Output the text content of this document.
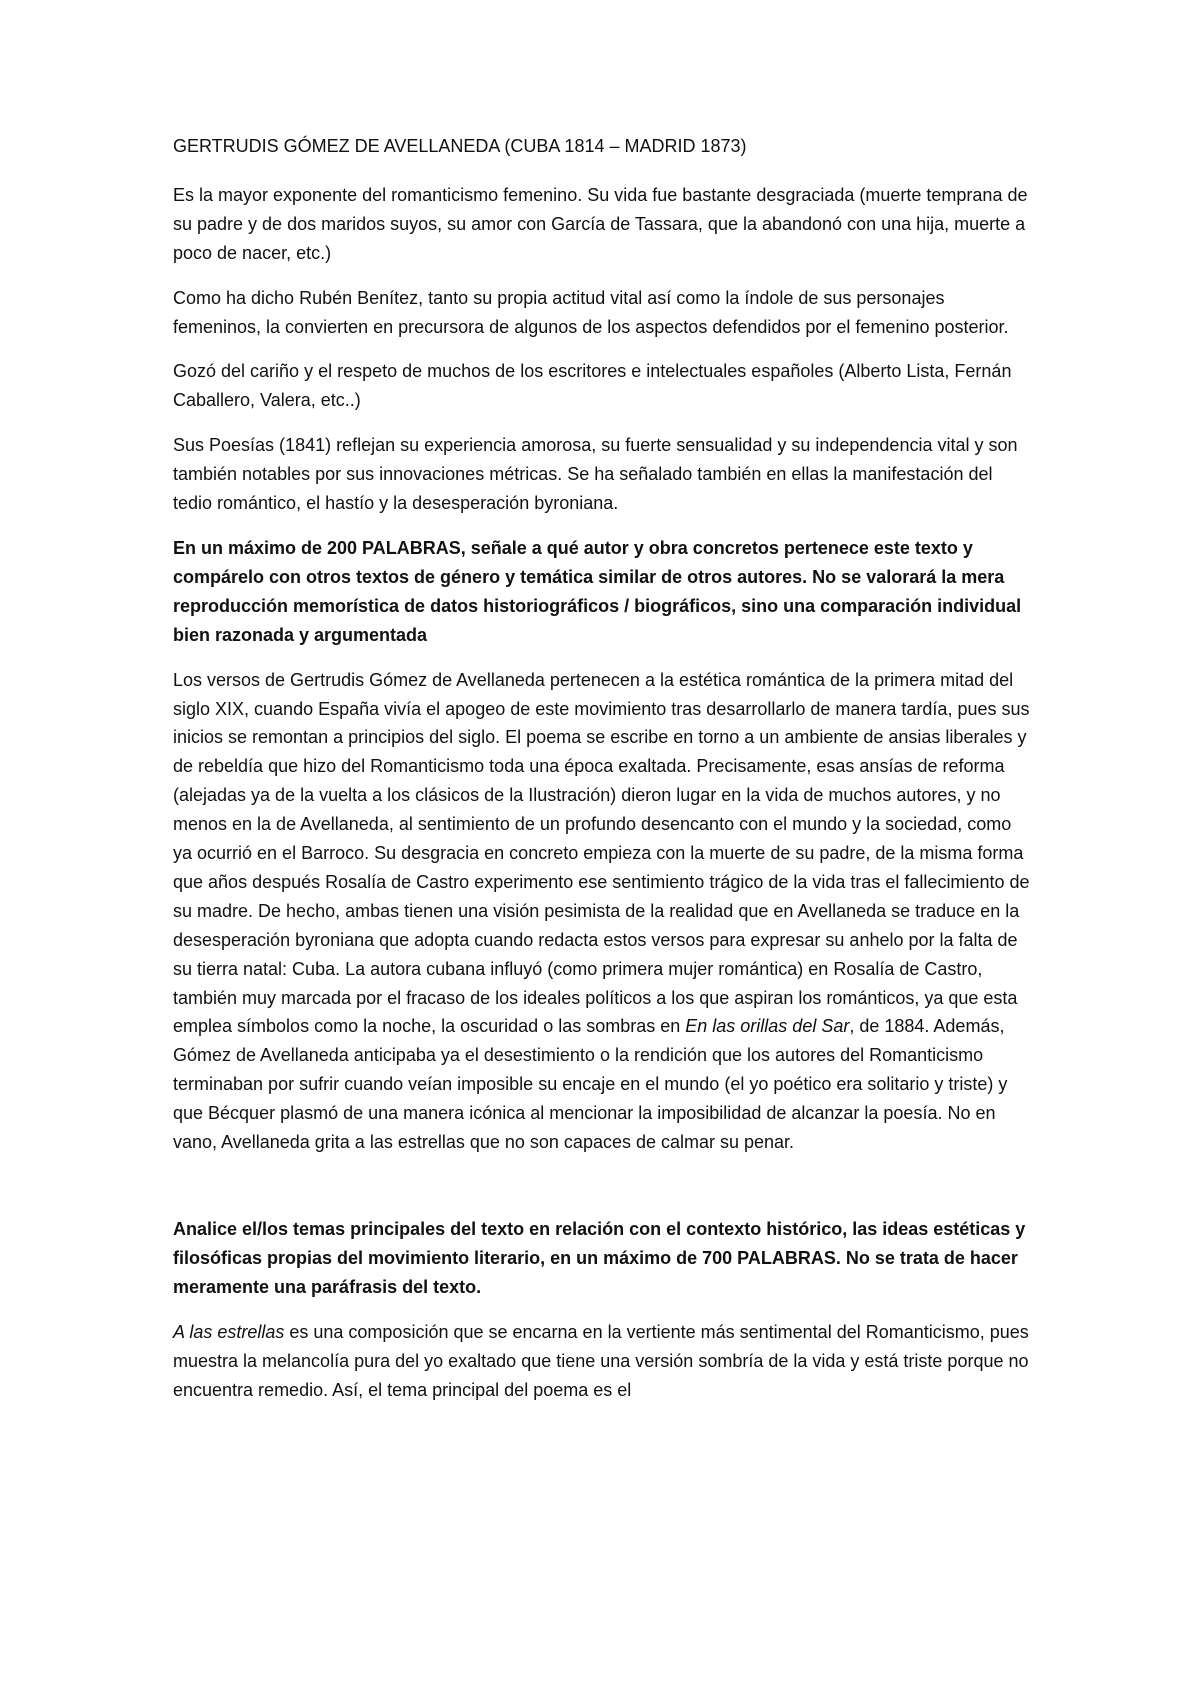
GERTRUDIS GÓMEZ DE AVELLANEDA (CUBA 1814 – MADRID 1873)

Es la mayor exponente del romanticismo femenino. Su vida fue bastante desgraciada (muerte temprana de su padre y de dos maridos suyos, su amor con García de Tassara, que la abandonó con una hija, muerte a poco de nacer, etc.)

Como ha dicho Rubén Benítez, tanto su propia actitud vital así como la índole de sus personajes femeninos, la convierten en precursora de algunos de los aspectos defendidos por el femenino posterior.

Gozó del cariño y el respeto de muchos de los escritores e intelectuales españoles (Alberto Lista, Fernán Caballero, Valera, etc..)

Sus Poesías (1841) reflejan su experiencia amorosa, su fuerte sensualidad y su independencia vital y son también notables por sus innovaciones métricas. Se ha señalado también en ellas la manifestación del tedio romántico, el hastío y la desesperación byroniana.

En un máximo de 200 PALABRAS, señale a qué autor y obra concretos pertenece este texto y compárelo con otros textos de género y temática similar de otros autores. No se valorará la mera reproducción memorística de datos historiográficos / biográficos, sino una comparación individual bien razonada y argumentada

Los versos de Gertrudis Gómez de Avellaneda pertenecen a la estética romántica de la primera mitad del siglo XIX, cuando España vivía el apogeo de este movimiento tras desarrollarlo de manera tardía, pues sus inicios se remontan a principios del siglo. El poema se escribe en torno a un ambiente de ansias liberales y de rebeldía que hizo del Romanticismo toda una época exaltada. Precisamente, esas ansías de reforma (alejadas ya de la vuelta a los clásicos de la Ilustración) dieron lugar en la vida de muchos autores, y no menos en la de Avellaneda, al sentimiento de un profundo desencanto con el mundo y la sociedad, como ya ocurrió en el Barroco. Su desgracia en concreto empieza con la muerte de su padre, de la misma forma que años después Rosalía de Castro experimento ese sentimiento trágico de la vida tras el fallecimiento de su madre. De hecho, ambas tienen una visión pesimista de la realidad que en Avellaneda se traduce en la desesperación byroniana que adopta cuando redacta estos versos para expresar su anhelo por la falta de su tierra natal: Cuba. La autora cubana influyó (como primera mujer romántica) en Rosalía de Castro, también muy marcada por el fracaso de los ideales políticos a los que aspiran los románticos, ya que esta emplea símbolos como la noche, la oscuridad o las sombras en En las orillas del Sar, de 1884. Además, Gómez de Avellaneda anticipaba ya el desestimiento o la rendición que los autores del Romanticismo terminaban por sufrir cuando veían imposible su encaje en el mundo (el yo poético era solitario y triste) y que Bécquer plasmó de una manera icónica al mencionar la imposibilidad de alcanzar la poesía. No en vano, Avellaneda grita a las estrellas que no son capaces de calmar su penar.

Analice el/los temas principales del texto en relación con el contexto histórico, las ideas estéticas y filosóficas propias del movimiento literario, en un máximo de 700 PALABRAS. No se trata de hacer meramente una paráfrasis del texto.

A las estrellas es una composición que se encarna en la vertiente más sentimental del Romanticismo, pues muestra la melancolía pura del yo exaltado que tiene una versión sombría de la vida y está triste porque no encuentra remedio. Así, el tema principal del poema es el
